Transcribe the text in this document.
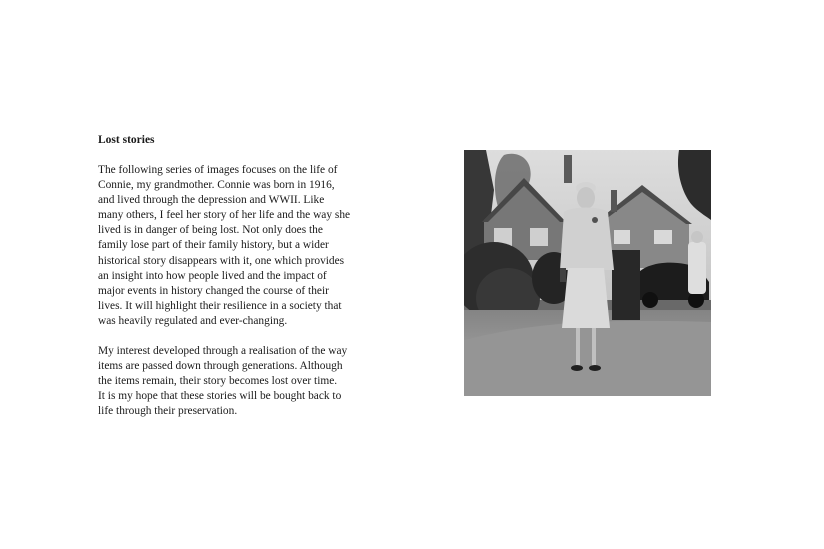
Lost stories

The following series of images focuses on the life of
Connie, my grandmother. Connie was born in 1916,
and lived through the depression and WWII. Like
many others, I feel her story of her life and the way she
lived is in danger of being lost. Not only does the
family lose part of their family history, but a wider
historical story disappears with it, one which provides
an insight into how people lived and the impact of
major events in history changed the course of their
lives. It will highlight their resilience in a society that
was heavily regulated and ever-changing.

My interest developed through a realisation of the way
items are passed down through generations. Although
the items remain, their story becomes lost over time.
It is my hope that these stories will be bought back to
life through their preservation.
